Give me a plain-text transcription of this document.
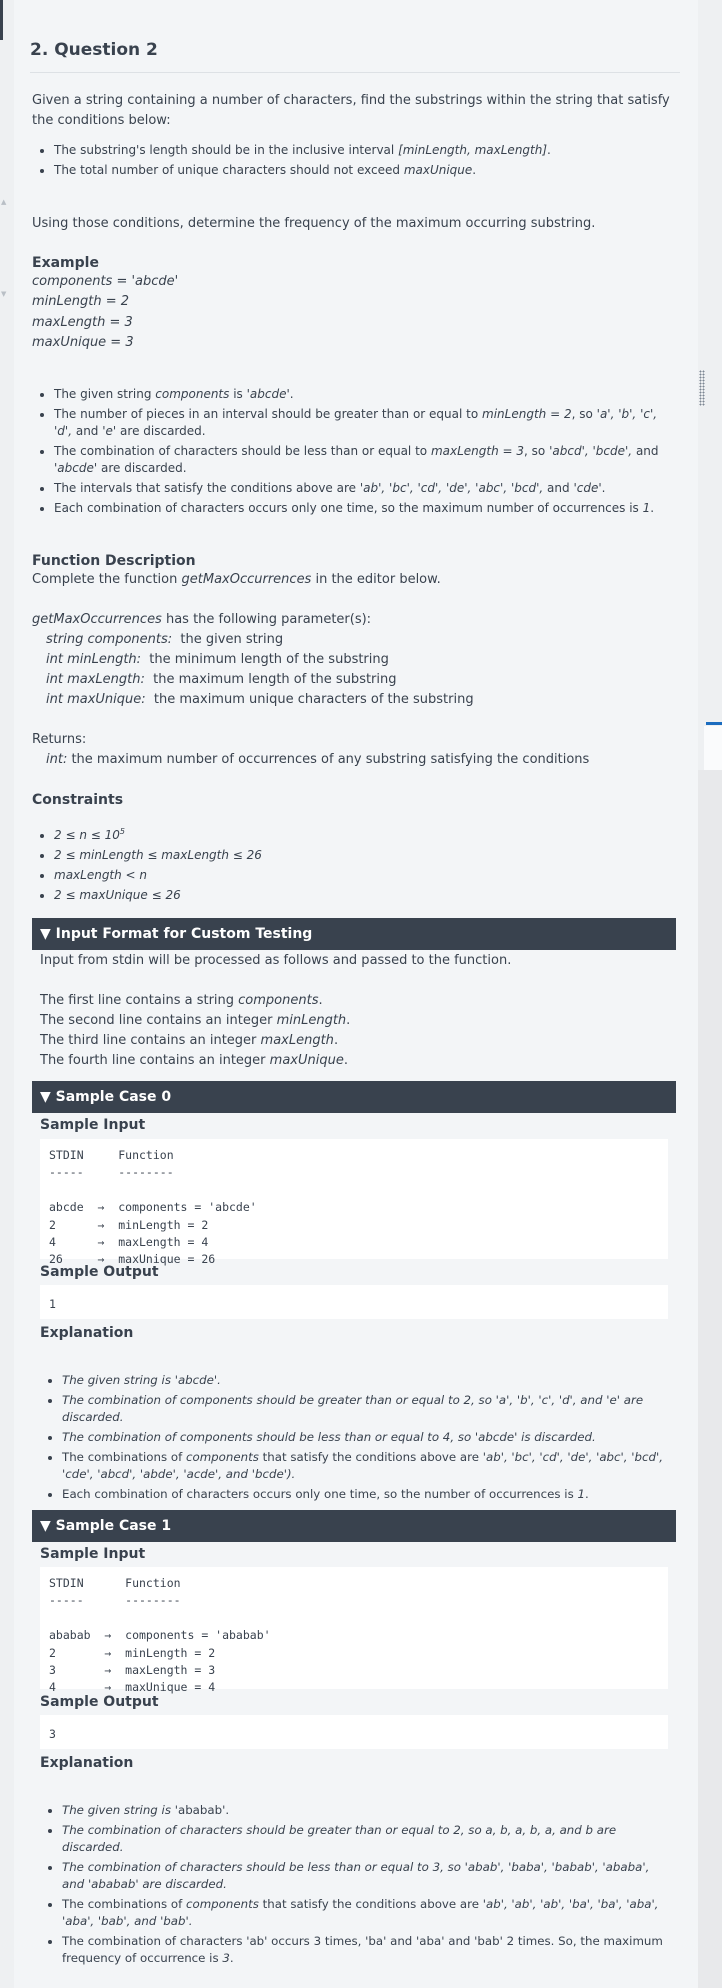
▲
▼
2. Question 2

Given a string containing a number of characters, find the substrings within the string that satisfy the conditions below:

• The substring's length should be in the inclusive interval [minLength, maxLength].
• The total number of unique characters should not exceed maxUnique.

Using those conditions, determine the frequency of the maximum occurring substring.

Example
components = 'abcde'
minLength = 2
maxLength = 3
maxUnique = 3
• The given string components is 'abcde'.
• The number of pieces in an interval should be greater than or equal to minLength = 2, so 'a', 'b', 'c', 'd', and 'e' are discarded.
• The combination of characters should be less than or equal to maxLength = 3, so 'abcd', 'bcde', and 'abcde' are discarded.
• The intervals that satisfy the conditions above are 'ab', 'bc', 'cd', 'de', 'abc', 'bcd', and 'cde'.
• Each combination of characters occurs only one time, so the maximum number of occurrences is 1.
Function Description

Complete the function getMaxOccurrences in the editor below.

getMaxOccurrences has the following parameter(s):

string components:  the given string
int minLength:  the minimum length of the substring
int maxLength:  the maximum length of the substring
int maxUnique:  the maximum unique characters of the substring

Returns:

int: the maximum number of occurrences of any substring satisfying the conditions
Constraints
• $2 \le n \le 10^5$
• 2 ≤ minLength ≤ maxLength ≤ 26
• maxLength < n
• 2 ≤ maxUnique ≤ 26
▼ Input Format for Custom Testing

Input from stdin will be processed as follows and passed to the function.

The first line contains a string components.
The second line contains an integer minLength.
The third line contains an integer maxLength.
The fourth line contains an integer maxUnique.
▼ Sample Case 0
Sample Input
STDIN     Function
-----     --------
abcde  →  components = 'abcde'
2      →  minLength = 2
4      →  maxLength = 4
26     →  maxUnique = 26
Sample Output
1
Explanation
• The given string is 'abcde'.
• The combination of components should be greater than or equal to 2, so 'a', 'b', 'c', 'd', and 'e' are discarded.
• The combination of components should be less than or equal to 4, so 'abcde' is discarded.
• The combinations of components that satisfy the conditions above are 'ab', 'bc', 'cd', 'de', 'abc', 'bcd', 'cde', 'abcd', 'abde', 'acde', and 'bcde').
• Each combination of characters occurs only one time, so the number of occurrences is 1.
▼ Sample Case 1
Sample Input
STDIN      Function
-----      --------
ababab  →  components = 'ababab'
2       →  minLength = 2
3       →  maxLength = 3
4       →  maxUnique = 4
Sample Output
3
Explanation
• The given string is 'ababab'.
• The combination of characters should be greater than or equal to 2, so a, b, a, b, a, and b are discarded.
• The combination of characters should be less than or equal to 3, so 'abab', 'baba', 'babab', 'ababa', and 'ababab' are discarded.
• The combinations of components that satisfy the conditions above are 'ab', 'ab', 'ab', 'ba', 'ba', 'aba', 'aba', 'bab', and 'bab'.
• The combination of characters 'ab' occurs 3 times, 'ba' and 'aba' and 'bab' 2 times. So, the maximum frequency of occurrence is 3.
